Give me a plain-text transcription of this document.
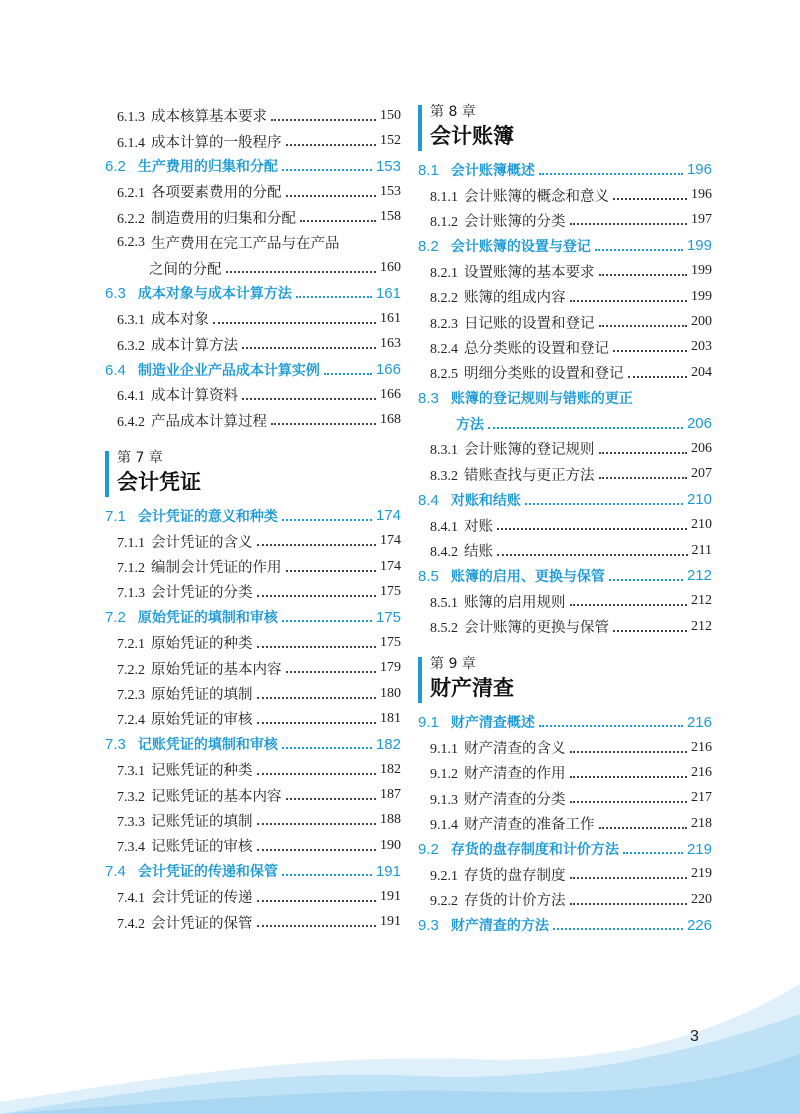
6.1.3 成本核算基本要求	150
6.1.4 成本计算的一般程序	152
6.2 生产费用的归集和分配	153
6.2.1 各项要素费用的分配	153
6.2.2 制造费用的归集和分配	158
6.2.3 生产费用在完工产品与在产品
之间的分配	160
6.3 成本对象与成本计算方法	161
6.3.1 成本对象	161
6.3.2 成本计算方法	163
6.4 制造业企业产品成本计算实例	166
6.4.1 成本计算资料	166
6.4.2 产品成本计算过程	168
第 7 章
会计凭证
7.1 会计凭证的意义和种类	174
7.1.1 会计凭证的含义	174
7.1.2 编制会计凭证的作用	174
7.1.3 会计凭证的分类	175
7.2 原始凭证的填制和审核	175
7.2.1 原始凭证的种类	175
7.2.2 原始凭证的基本内容	179
7.2.3 原始凭证的填制	180
7.2.4 原始凭证的审核	181
7.3 记账凭证的填制和审核	182
7.3.1 记账凭证的种类	182
7.3.2 记账凭证的基本内容	187
7.3.3 记账凭证的填制	188
7.3.4 记账凭证的审核	190
7.4 会计凭证的传递和保管	191
7.4.1 会计凭证的传递	191
7.4.2 会计凭证的保管	191
第 8 章
会计账簿
8.1 会计账簿概述	196
8.1.1 会计账簿的概念和意义	196
8.1.2 会计账簿的分类	197
8.2 会计账簿的设置与登记	199
8.2.1 设置账簿的基本要求	199
8.2.2 账簿的组成内容	199
8.2.3 日记账的设置和登记	200
8.2.4 总分类账的设置和登记	203
8.2.5 明细分类账的设置和登记	204
8.3 账簿的登记规则与错账的更正
方法	206
8.3.1 会计账簿的登记规则	206
8.3.2 错账查找与更正方法	207
8.4 对账和结账	210
8.4.1 对账	210
8.4.2 结账	211
8.5 账簿的启用、更换与保管	212
8.5.1 账簿的启用规则	212
8.5.2 会计账簿的更换与保管	212
第 9 章
财产清查
9.1 财产清查概述	216
9.1.1 财产清查的含义	216
9.1.2 财产清查的作用	216
9.1.3 财产清查的分类	217
9.1.4 财产清查的准备工作	218
9.2 存货的盘存制度和计价方法	219
9.2.1 存货的盘存制度	219
9.2.2 存货的计价方法	220
9.3 财产清查的方法	226
3
